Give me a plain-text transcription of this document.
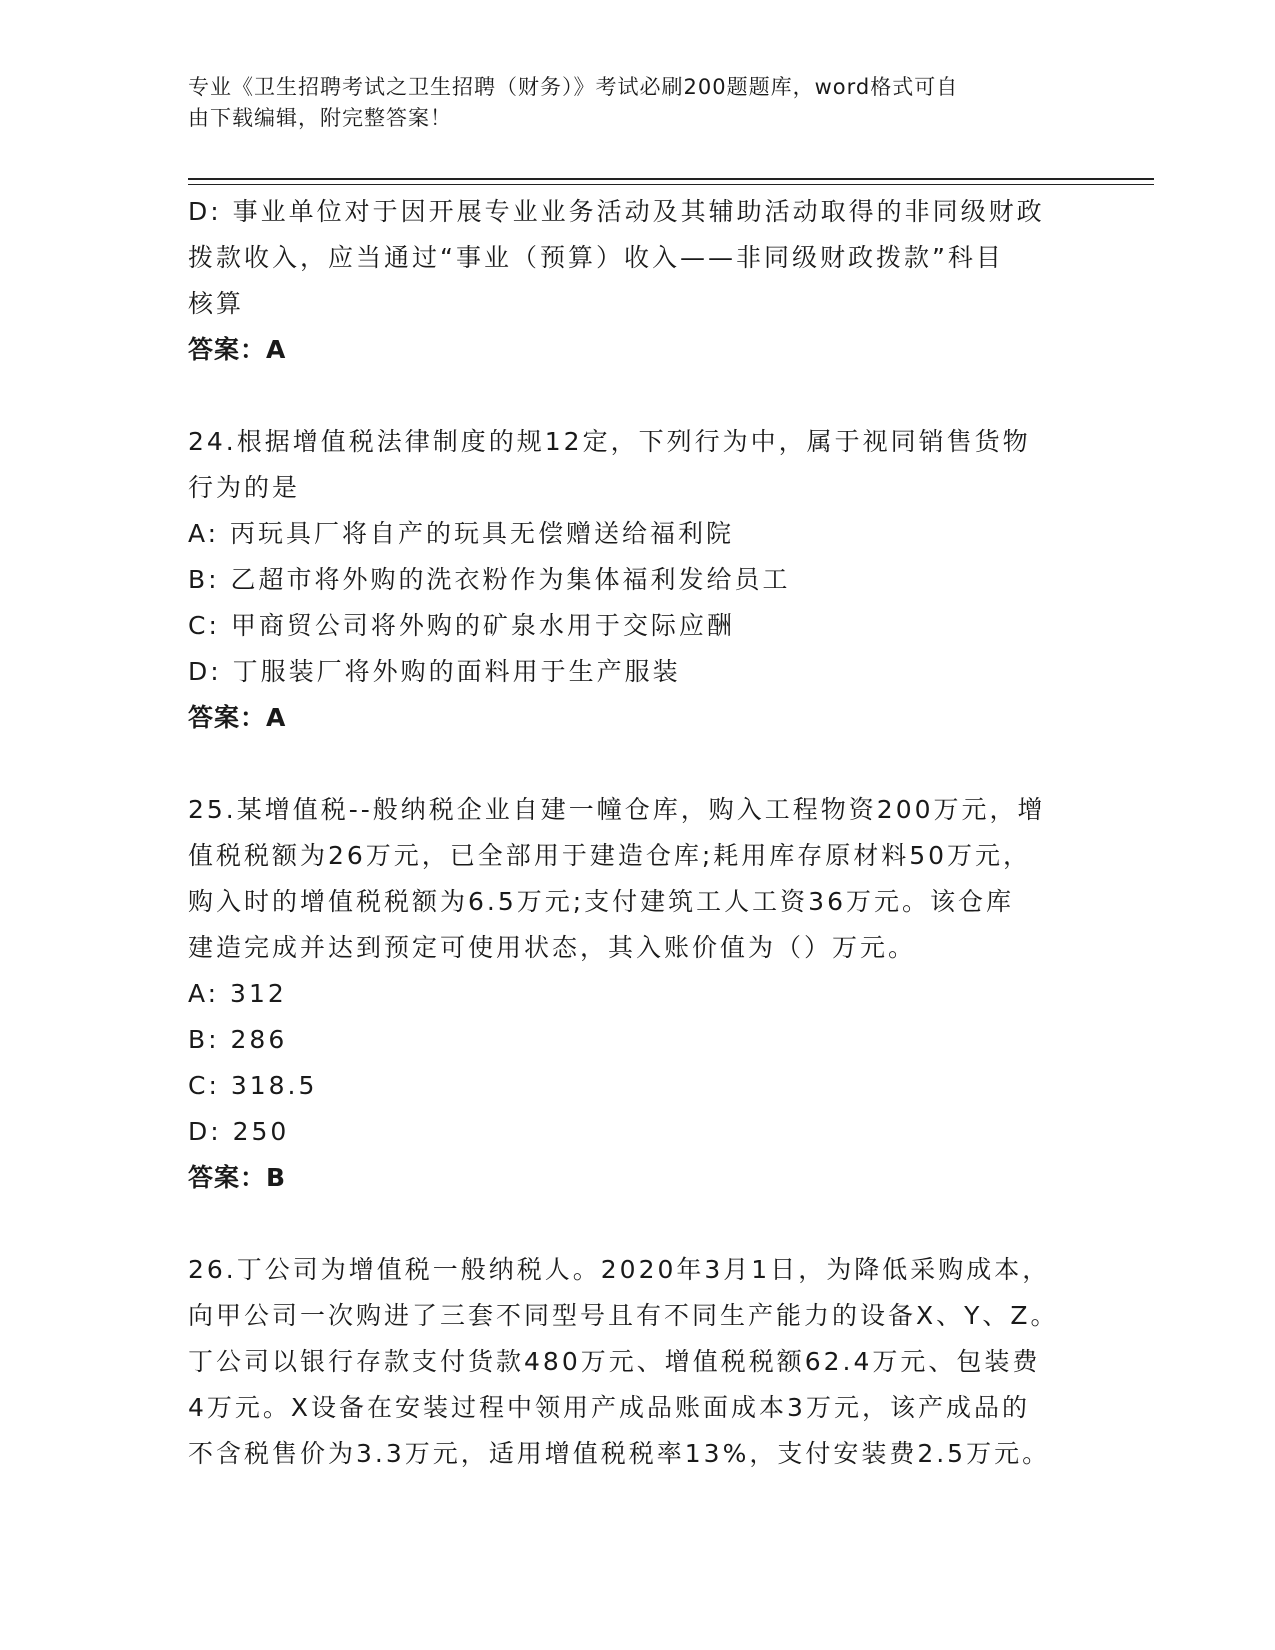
专业《卫生招聘考试之卫生招聘（财务）》考试必刷200题题库，word格式可自
由下载编辑，附完整答案！
D: 事业单位对于因开展专业业务活动及其辅助活动取得的非同级财政
拨款收入，应当通过“事业（预算）收入——非同级财政拨款”科目
核算
答案：A
24.根据增值税法律制度的规12定，下列行为中，属于视同销售货物
行为的是
A: 丙玩具厂将自产的玩具无偿赠送给福利院
B: 乙超市将外购的洗衣粉作为集体福利发给员工
C: 甲商贸公司将外购的矿泉水用于交际应酬
D: 丁服装厂将外购的面料用于生产服装
答案：A
25.某增值税--般纳税企业自建一幢仓库，购入工程物资200万元，增
值税税额为26万元，已全部用于建造仓库;耗用库存原材料50万元，
购入时的增值税税额为6.5万元;支付建筑工人工资36万元。该仓库
建造完成并达到预定可使用状态，其入账价值为（）万元。
A: 312
B: 286
C: 318.5
D: 250
答案：B
26.丁公司为增值税一般纳税人。2020年3月1日，为降低采购成本，
向甲公司一次购进了三套不同型号且有不同生产能力的设备X、Y、Z。
丁公司以银行存款支付货款480万元、增值税税额62.4万元、包装费
4万元。X设备在安装过程中领用产成品账面成本3万元，该产成品的
不含税售价为3.3万元，适用增值税税率13%，支付安装费2.5万元。
